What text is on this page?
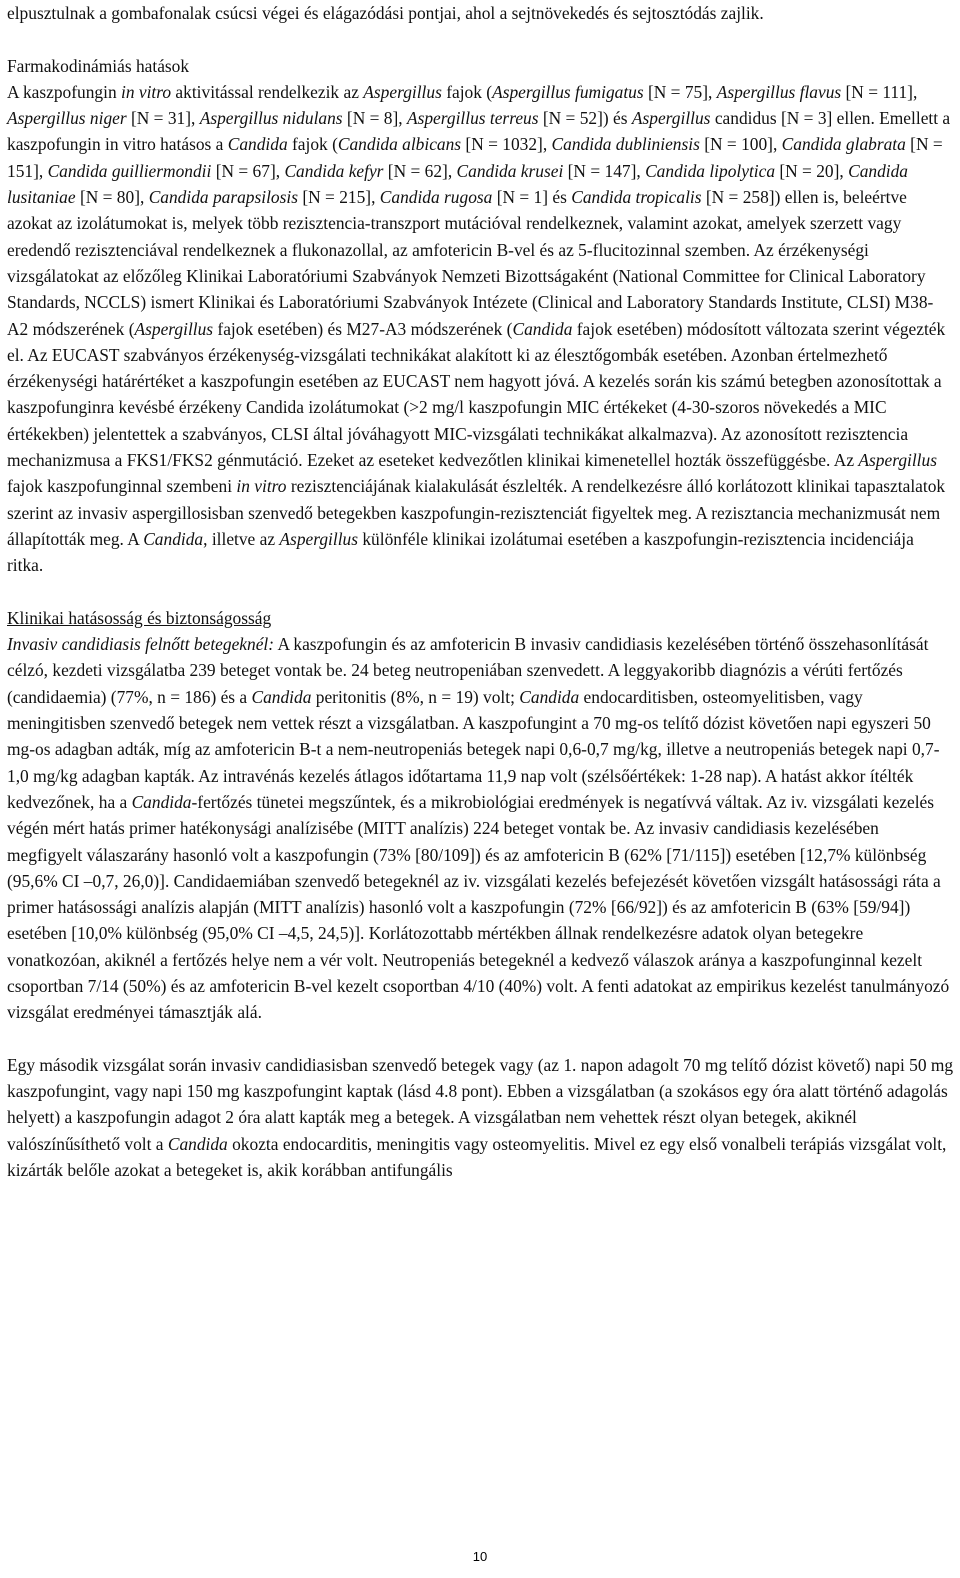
elpusztulnak a gombafonalak csúcsi végei és elágazódási pontjai, ahol a sejtnövekedés és sejtosztódás zajlik.

Farmakodinámiás hatások

A kaszpofungin in vitro aktivitással rendelkezik az Aspergillus fajok (Aspergillus fumigatus [N = 75], Aspergillus flavus [N = 111], Aspergillus niger [N = 31], Aspergillus nidulans [N = 8], Aspergillus terreus [N = 52]) és Aspergillus candidus [N = 3] ellen. Emellett a kaszpofungin in vitro hatásos a Candida fajok (Candida albicans [N = 1032], Candida dubliniensis [N = 100], Candida glabrata [N = 151], Candida guilliermondii [N = 67], Candida kefyr [N = 62], Candida krusei [N = 147], Candida lipolytica [N = 20], Candida lusitaniae [N = 80], Candida parapsilosis [N = 215], Candida rugosa [N = 1] és Candida tropicalis [N = 258]) ellen is, beleértve azokat az izolátumokat is, melyek több rezisztencia-transzport mutációval rendelkeznek, valamint azokat, amelyek szerzett vagy eredendő rezisztenciával rendelkeznek a flukonazollal, az amfotericin B-vel és az 5-flucitozinnal szemben. Az érzékenységi vizsgálatokat az előzőleg Klinikai Laboratóriumi Szabványok Nemzeti Bizottságaként (National Committee for Clinical Laboratory Standards, NCCLS) ismert Klinikai és Laboratóriumi Szabványok Intézete (Clinical and Laboratory Standards Institute, CLSI) M38-A2 módszerének (Aspergillus fajok esetében) és M27-A3 módszerének (Candida fajok esetében) módosított változata szerint végezték el. Az EUCAST szabványos érzékenység-vizsgálati technikákat alakított ki az élesztőgombák esetében. Azonban értelmezhető érzékenységi határértéket a kaszpofungin esetében az EUCAST nem hagyott jóvá. A kezelés során kis számú betegben azonosítottak a kaszpofunginra kevésbé érzékeny Candida izolátumokat (>2 mg/l kaszpofungin MIC értékeket (4-30-szoros növekedés a MIC értékekben) jelentettek a szabványos, CLSI által jóváhagyott MIC-vizsgálati technikákat alkalmazva). Az azonosított rezisztencia mechanizmusa a FKS1/FKS2 génmutáció. Ezeket az eseteket kedvezőtlen klinikai kimenetellel hozták összefüggésbe. Az Aspergillus fajok kaszpofunginnal szembeni in vitro rezisztenciájának kialakulását észlelték. A rendelkezésre álló korlátozott klinikai tapasztalatok szerint az invasiv aspergillosisban szenvedő betegekben kaszpofungin-rezisztenciát figyeltek meg. A rezisztancia mechanizmusát nem állapították meg. A Candida, illetve az Aspergillus különféle klinikai izolátumai esetében a kaszpofungin-rezisztencia incidenciája ritka.

Klinikai hatásosság és biztonságosság

Invasiv candidiasis felnőtt betegeknél: A kaszpofungin és az amfotericin B invasiv candidiasis kezelésében történő összehasonlítását célzó, kezdeti vizsgálatba 239 beteget vontak be. 24 beteg neutropeniában szenvedett. A leggyakoribb diagnózis a vérúti fertőzés (candidaemia) (77%, n = 186) és a Candida peritonitis (8%, n = 19) volt; Candida endocarditisben, osteomyelitisben, vagy meningitisben szenvedő betegek nem vettek részt a vizsgálatban. A kaszpofungint a 70 mg-os telítő dózist követően napi egyszeri 50 mg-os adagban adták, míg az amfotericin B-t a nem-neutropeniás betegek napi 0,6-0,7 mg/kg, illetve a neutropeniás betegek napi 0,7-1,0 mg/kg adagban kapták. Az intravénás kezelés átlagos időtartama 11,9 nap volt (szélsőértékek: 1-28 nap). A hatást akkor ítélték kedvezőnek, ha a Candida-fertőzés tünetei megszűntek, és a mikrobiológiai eredmények is negatívvá váltak. Az iv. vizsgálati kezelés végén mért hatás primer hatékonysági analízisébe (MITT analízis) 224 beteget vontak be. Az invasiv candidiasis kezelésében megfigyelt válaszarány hasonló volt a kaszpofungin (73% [80/109]) és az amfotericin B (62% [71/115]) esetében [12,7% különbség (95,6% CI –0,7, 26,0)]. Candidaemiában szenvedő betegeknél az iv. vizsgálati kezelés befejezését követően vizsgált hatásossági ráta a primer hatásossági analízis alapján (MITT analízis) hasonló volt a kaszpofungin (72% [66/92]) és az amfotericin B (63% [59/94]) esetében [10,0% különbség (95,0% CI –4,5, 24,5)]. Korlátozottabb mértékben állnak rendelkezésre adatok olyan betegekre vonatkozóan, akiknél a fertőzés helye nem a vér volt. Neutropeniás betegeknél a kedvező válaszok aránya a kaszpofunginnal kezelt csoportban 7/14 (50%) és az amfotericin B-vel kezelt csoportban 4/10 (40%) volt. A fenti adatokat az empirikus kezelést tanulmányozó vizsgálat eredményei támasztják alá.

Egy második vizsgálat során invasiv candidiasisban szenvedő betegek vagy (az 1. napon adagolt 70 mg telítő dózist követő) napi 50 mg kaszpofungint, vagy napi 150 mg kaszpofungint kaptak (lásd 4.8 pont). Ebben a vizsgálatban (a szokásos egy óra alatt történő adagolás helyett) a kaszpofungin adagot 2 óra alatt kapták meg a betegek. A vizsgálatban nem vehettek részt olyan betegek, akiknél valószínűsíthető volt a Candida okozta endocarditis, meningitis vagy osteomyelitis. Mivel ez egy első vonalbeli terápiás vizsgálat volt, kizárták belőle azokat a betegeket is, akik korábban antifungális

10
